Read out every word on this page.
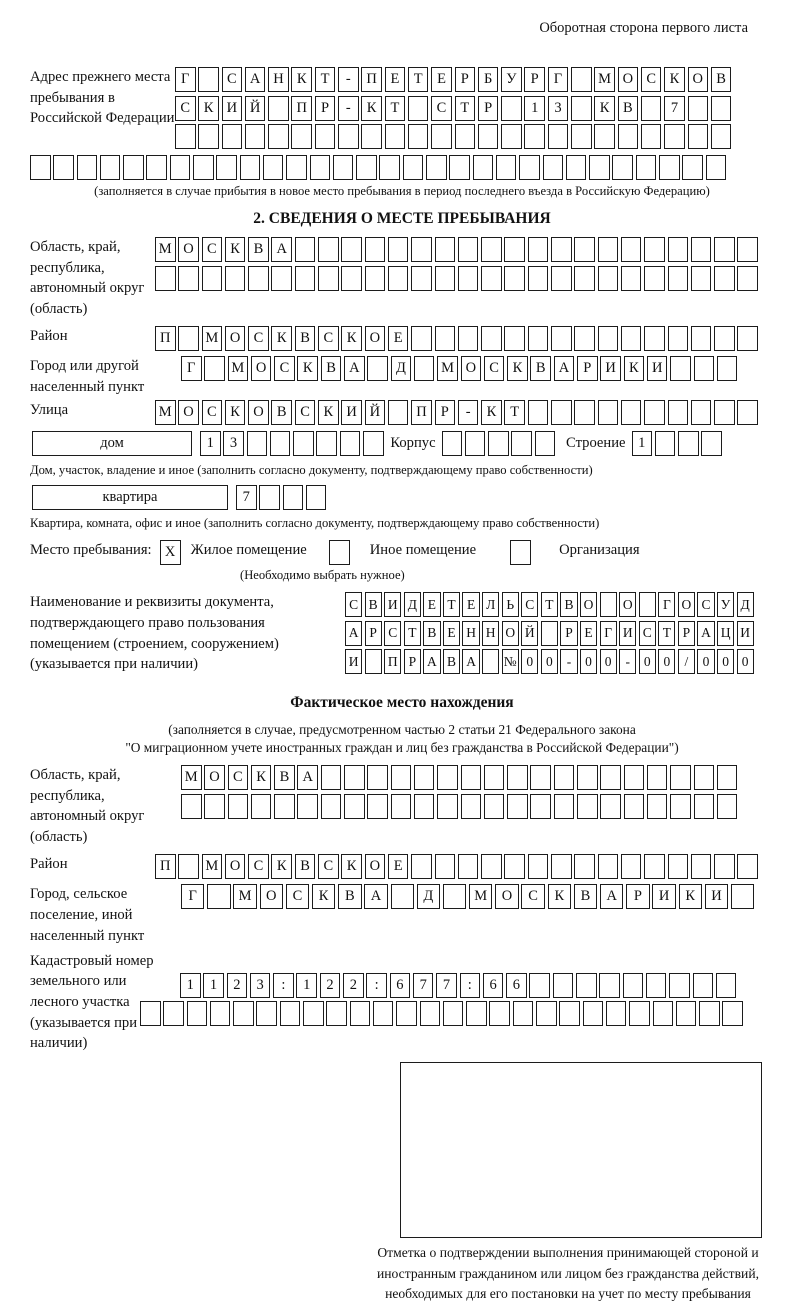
Оборотная сторона первого листа
Адрес прежнего места пребывания в Российской Федерации
Г	С А Н К Т	-	П Е Т Е	Р	Б У Р	Г	М О С К О В
С К И Й	П Р	-	К Т	С Т	Р	1	3	К В	7
(заполняется в случае прибытия в новое место пребывания в период последнего въезда в Российскую Федерацию)
2. СВЕДЕНИЯ О МЕСТЕ ПРЕБЫВАНИЯ
Область, край, республика, автономный округ (область)
М О С К В А
Район	П	М О С К В С К О Е
Город или другой населенный пункт
Г	М О С К В А	Д	М О С К В А Р И К И
Улица	М О С К О В С К И Й	П Р	-	К Т
дом	1	3	Корпус	Строение 1
Дом, участок, владение и иное (заполнить согласно документу, подтверждающему право собственности)
квартира	7
Квартира, комната, офис и иное (заполнить согласно документу, подтверждающему право собственности)
Место пребывания: X	Жилое помещение	Иное помещение	Организация
(Необходимо выбрать нужное)
Наименование и реквизиты документа, подтверждающего право пользования помещением (строением, сооружением) (указывается при наличии)
С В И Д Е Т Е Л Ь С Т В О О	Г О С У Д
А Р С Т В Е Н Н О Й	Р Е Г И С Т Р А Ц И
И П Р А В А № 0 0	-	0 0	-	0 0	/	0 0 0
Фактическое место нахождения
(заполняется в случае, предусмотренном частью 2 статьи 21 Федерального закона
"О миграционном учете иностранных граждан и лиц без гражданства в Российской Федерации")
Область, край, республика, автономный округ (область)
М О С К В А
Район	П	М О С К В С К О Е
Город, сельское поселение, иной населенный пункт
Г	М	О	С	К	В	А	Д	М	О	С	К	В	А	Р	И	К	И
Кадастровый номер земельного или лесного участка (указывается при наличии)
1	1	2	3	:	1	2	2	:	6	7	7	:	6	6
Отметка о подтверждении выполнения принимающей стороной и иностранным гражданином или лицом без гражданства действий, необходимых для его постановки на учет по месту пребывания
